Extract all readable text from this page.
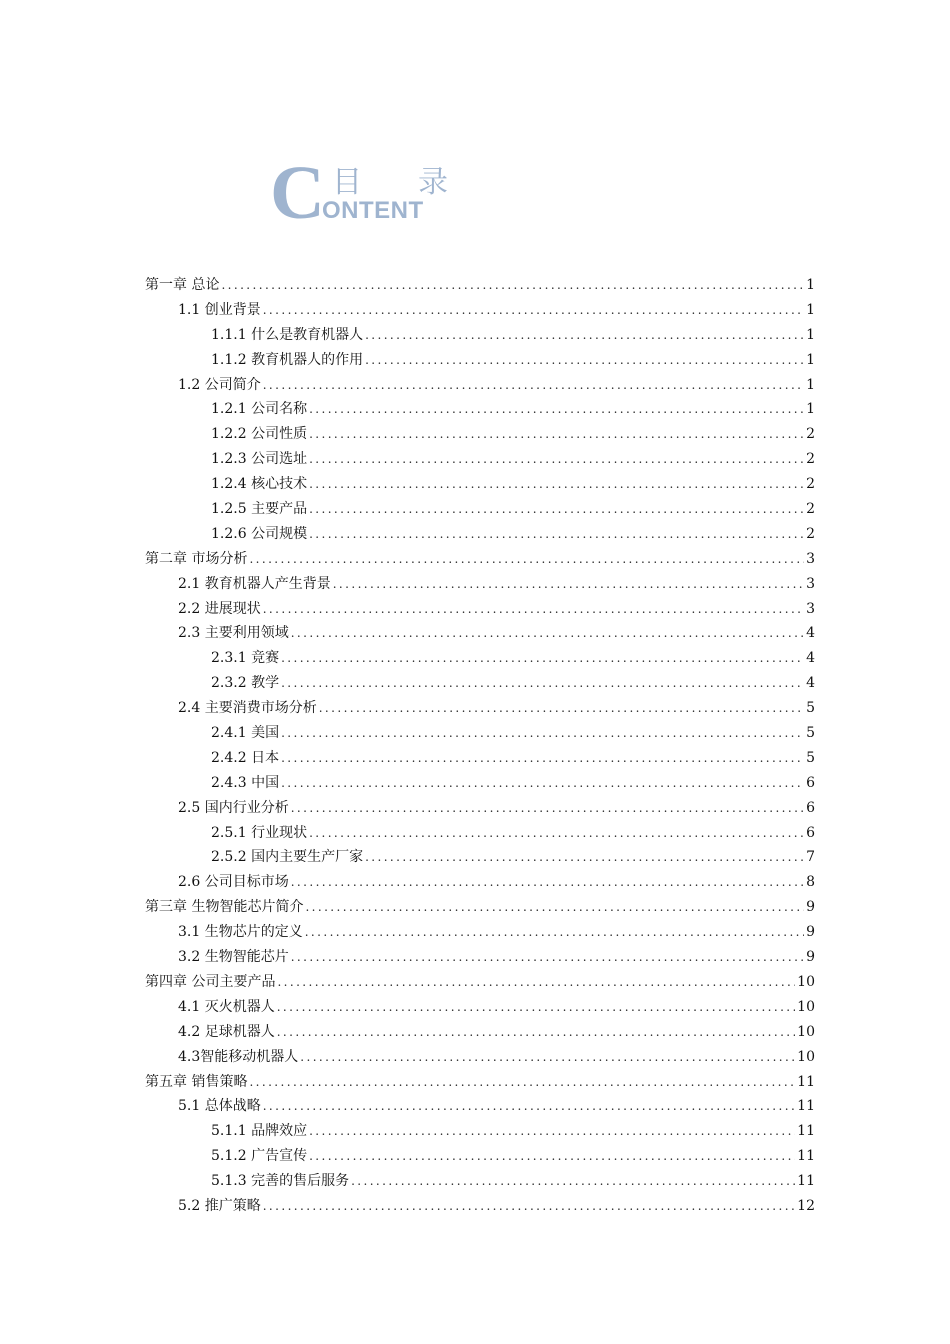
C
ONTENT
目 录
第一章 总论 .....	1
1.1 创业背景 .....	1
1.1.1 什么是教育机器人 .....	1
1.1.2 教育机器人的作用 .....	1
1.2 公司简介 .....	1
1.2.1 公司名称 .....	1
1.2.2 公司性质 .....	2
1.2.3 公司选址 .....	2
1.2.4 核心技术 .....	2
1.2.5 主要产品 .....	2
1.2.6 公司规模 .....	2
第二章 市场分析 .....	3
2.1 教育机器人产生背景 .....	3
2.2 进展现状 .....	3
2.3 主要利用领域 .....	4
2.3.1 竞赛 .....	4
2.3.2 教学 .....	4
2.4 主要消费市场分析 .....	5
2.4.1 美国 .....	5
2.4.2 日本 .....	5
2.4.3 中国 .....	6
2.5 国内行业分析 .....	6
2.5.1 行业现状 .....	6
2.5.2 国内主要生产厂家 .....	7
2.6 公司目标市场 .....	8
第三章 生物智能芯片简介 .....	9
3.1 生物芯片的定义 .....	9
3.2 生物智能芯片 .....	9
第四章 公司主要产品 .....	10
4.1 灭火机器人 .....	10
4.2 足球机器人 .....	10
4.3智能移动机器人 .....	10
第五章 销售策略 .....	11
5.1 总体战略 .....	11
5.1.1 品牌效应 .....	11
5.1.2 广告宣传 .....	11
5.1.3 完善的售后服务 .....	11
5.2 推广策略 .....	12
